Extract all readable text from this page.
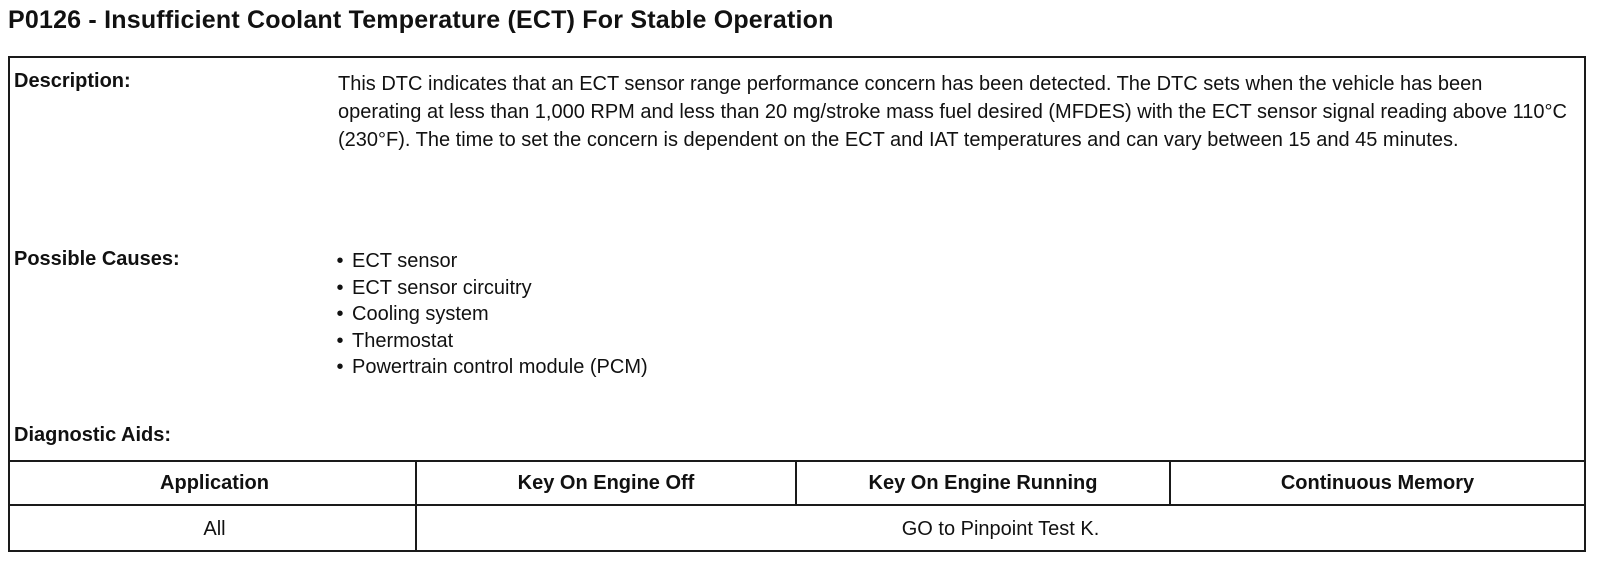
P0126 - Insufficient Coolant Temperature (ECT) For Stable Operation
Description:	This DTC indicates that an ECT sensor range performance concern has been detected. The DTC sets when the vehicle has been operating at less than 1,000 RPM and less than 20 mg/stroke mass fuel desired (MFDES) with the ECT sensor signal reading above 110°C (230°F). The time to set the concern is dependent on the ECT and IAT temperatures and can vary between 15 and 45 minutes.

Possible Causes:	• ECT sensor
• ECT sensor circuitry
• Cooling system
• Thermostat
• Powertrain control module (PCM)
Diagnostic Aids:
Application	Key On Engine Off	Key On Engine Running	Continuous Memory
All	GO to Pinpoint Test K.		
